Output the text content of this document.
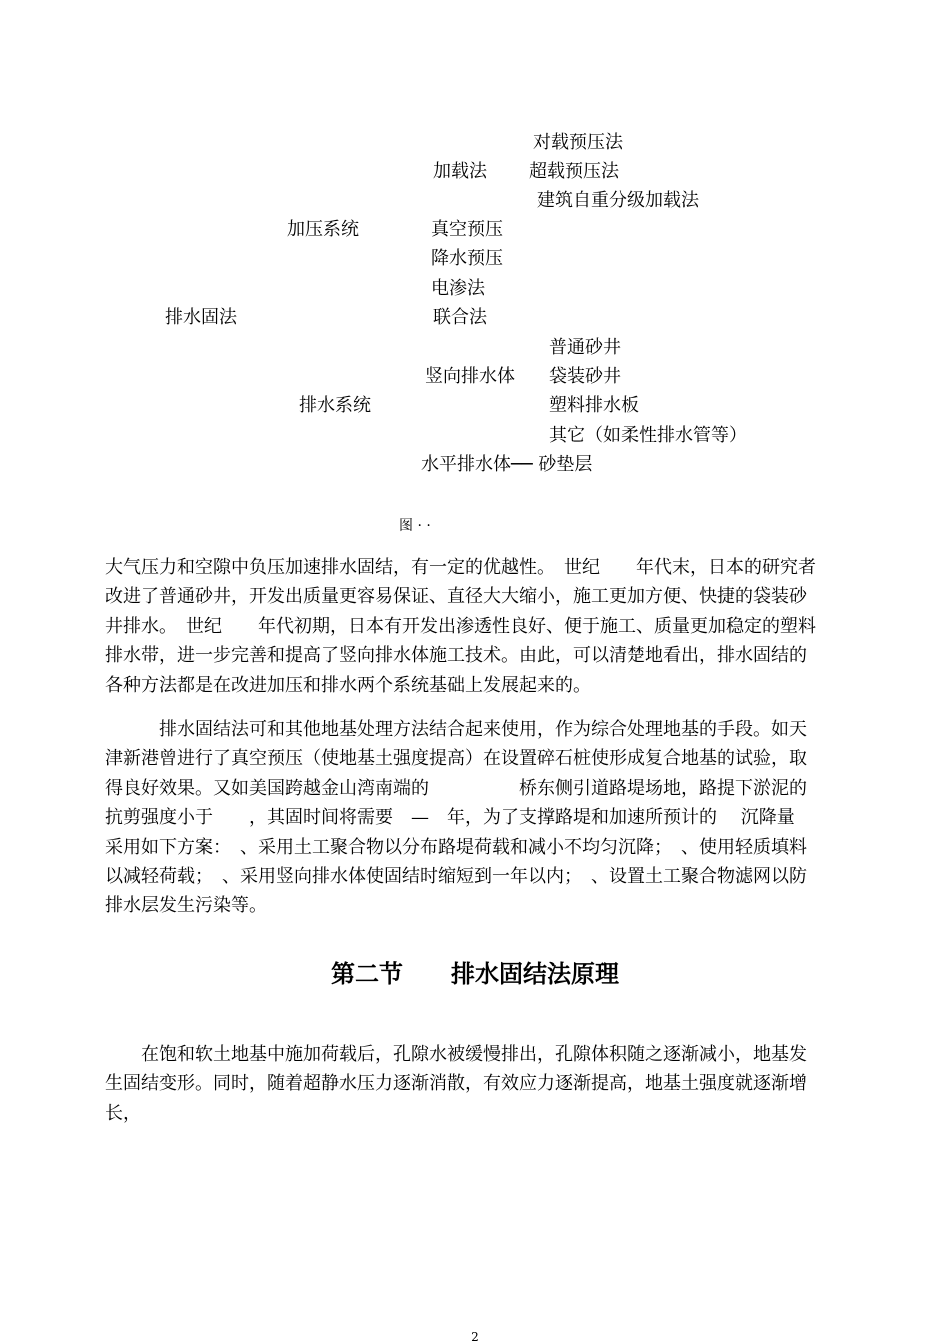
对载预压法
加载法 超载预压法
建筑自重分级加载法
加压系统	真空预压
降水预压
电渗法
排水固法	联合法
普通砂井
竖向排水体 袋装砂井
排水系统	塑料排水板
其它（如柔性排水管等）
水平排水体── 砂垫层
图 · ·
大气压力和空隙中负压加速排水固结，有一定的优越性。　世纪　　年代末，日本的研究者
改进了普通砂井，开发出质量更容易保证、直径大大缩小，施工更加方便、快捷的袋装砂
井排水。　世纪　　年代初期，日本有开发出渗透性良好、便于施工、质量更加稳定的塑料
排水带，进一步完善和提高了竖向排水体施工技术。由此，可以清楚地看出，排水固结的
各种方法都是在改进加压和排水两个系统基础上发展起来的。
　　　排水固结法可和其他地基处理方法结合起来使用，作为综合处理地基的手段。如天
津新港曾进行了真空预压（使地基土强度提高）在设置碎石桩使形成复合地基的试验，取
得良好效果。又如美国跨越金山湾南端的　　　　　桥东侧引道路堤场地，路提下淤泥的
抗剪强度小于　　，其固时间将需要　—　年，为了支撑路堤和加速所预计的　 沉降量
采用如下方案：　、采用土工聚合物以分布路堤荷载和减小不均匀沉降；　、使用轻质填料
以减轻荷载；　、采用竖向排水体使固结时缩短到一年以内；　、设置土工聚合物滤网以防
排水层发生污染等。
第二节　　排水固结法原理
　　在饱和软土地基中施加荷载后，孔隙水被缓慢排出，孔隙体积随之逐渐减小，地基发
生固结变形。同时，随着超静水压力逐渐消散，有效应力逐渐提高，地基土强度就逐渐增
长，
2
